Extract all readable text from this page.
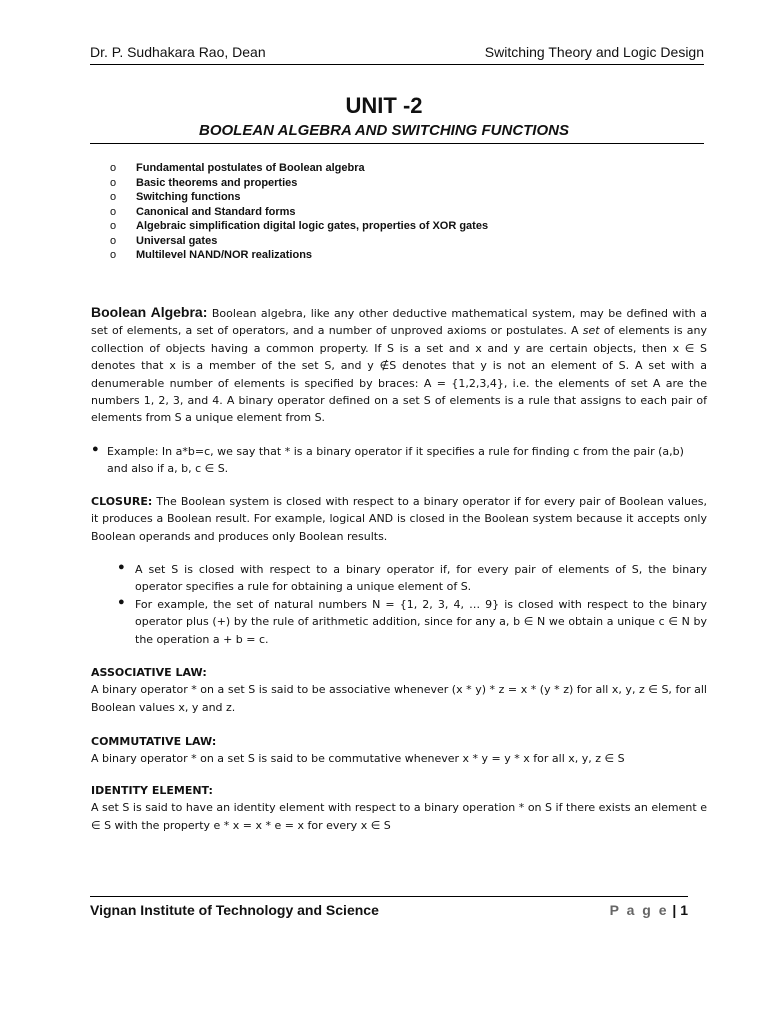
Dr. P. Sudhakara Rao, Dean	Switching Theory and Logic Design
UNIT -2
BOOLEAN ALGEBRA AND SWITCHING FUNCTIONS
o Fundamental postulates of Boolean algebra
o Basic theorems and properties
o Switching functions
o Canonical and Standard forms
o Algebraic simplification digital logic gates, properties of XOR gates
o Universal gates
o Multilevel NAND/NOR realizations
Boolean Algebra: Boolean algebra, like any other deductive mathematical system, may be defined with a set of elements, a set of operators, and a number of unproved axioms or postulates. A set of elements is any collection of objects having a common property. If S is a set and x and y are certain objects, then x ∈ S denotes that x is a member of the set S, and y ∉S denotes that y is not an element of S. A set with a denumerable number of elements is specified by braces: A = {1,2,3,4}, i.e. the elements of set A are the numbers 1, 2, 3, and 4. A binary operator defined on a set S of elements is a rule that assigns to each pair of elements from S a unique element from S.
● Example: In a*b=c, we say that * is a binary operator if it specifies a rule for finding c from the pair (a,b)
and also if a, b, c ∈ S.
CLOSURE: The Boolean system is closed with respect to a binary operator if for every pair of Boolean values, it produces a Boolean result. For example, logical AND is closed in the Boolean system because it accepts only Boolean operands and produces only Boolean results.
● A set S is closed with respect to a binary operator if, for every pair of elements of S, the binary operator specifies a rule for obtaining a unique element of S.
● For example, the set of natural numbers N = {1, 2, 3, 4, … 9} is closed with respect to the binary operator plus (+) by the rule of arithmetic addition, since for any a, b ∈ N we obtain a unique c ∈ N by the operation a + b = c.
ASSOCIATIVE LAW:
A binary operator * on a set S is said to be associative whenever (x * y) * z = x * (y * z) for all x, y, z ∈ S, for all Boolean values x, y and z.
COMMUTATIVE LAW:
A binary operator * on a set S is said to be commutative whenever x * y = y * x for all x, y, z ∈ S
IDENTITY ELEMENT:
A set S is said to have an identity element with respect to a binary operation * on S if there exists an element e ∈ S with the property e * x = x * e = x for every x ∈ S
Vignan Institute of Technology and Science	P a g e | 1
